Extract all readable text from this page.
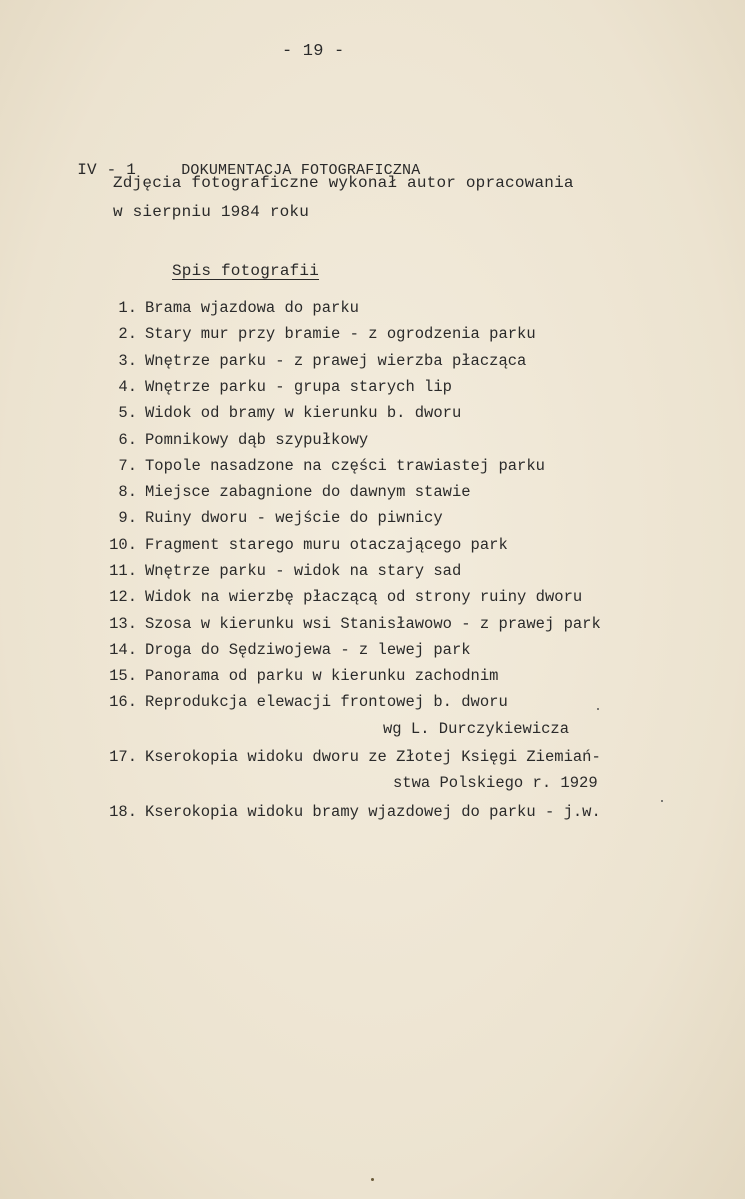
- 19 -

IV - 1	DOKUMENTACJA FOTOGRAFICZNA

Zdjęcia fotograficzne wykonał autor opracowania
w sierpniu 1984 roku
Spis fotografii
1. Brama wjazdowa do parku
2. Stary mur przy bramie - z ogrodzenia parku
3. Wnętrze parku - z prawej wierzba płacząca
4. Wnętrze parku - grupa starych lip
5. Widok od bramy w kierunku b. dworu
6. Pomnikowy dąb szypułkowy
7. Topole nasadzone na części trawiastej parku
8. Miejsce zabagnione do dawnym stawie
9. Ruiny dworu - wejście do piwnicy
10. Fragment starego muru otaczającego park
11. Wnętrze parku - widok na stary sad
12. Widok na wierzbę płaczącą od strony ruiny dworu
13. Szosa w kierunku wsi Stanisławowo - z prawej park
14. Droga do Sędziwojewa - z lewej park
15. Panorama od parku w kierunku zachodnim
16. Reprodukcja elewacji frontowej b. dworu
wg L. Durczykiewicza
17. Kserokopia widoku dworu ze Złotej Księgi Ziemiań-
stwa Polskiego r. 1929
18. Kserokopia widoku bramy wjazdowej do parku - j.w.
